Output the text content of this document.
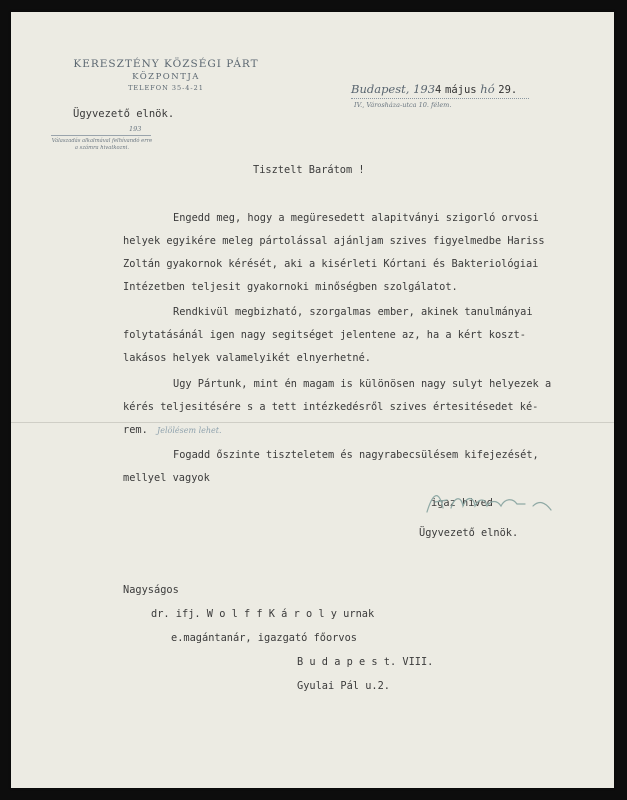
KERESZTÉNY KÖZSÉGI PÁRT
KÖZPONTJA
TELEFON 35-4-21
Ügyvezető elnök.
193
Válaszadás alkalmával felhívandó erre a számra hivatkozni.
Budapest, 1934 május hó 29.
IV., Városháza-utca 10. félem.
Tisztelt Barátom !
Engedd meg, hogy a megüresedett alapitványi szigorló orvosi
helyek egyikére meleg pártolással ajánljam szives figyelmedbe Hariss
Zoltán gyakornok kérését, aki a kisérleti Kórtani és Bakteriológiai
Intézetben teljesit gyakornoki minőségben szolgálatot.
Rendkivül megbizható, szorgalmas ember, akinek tanulmányai
folytatásánál igen nagy segitséget jelentene az, ha a kért koszt-
lakásos helyek valamelyikét elnyerhetné.
Ugy Pártunk, mint én magam is különösen nagy sulyt helyezek a
kérés teljesitésére s a tett intézkedésről szives értesitésedet ké-
rem. Jelölésem lehet.
Fogadd őszinte tiszteletem és nagyrabecsülésem kifejezését,
mellyel vagyok
igaz hived
Ügyvezető elnök.
Nagyságos
dr. ifj. W o l f f K á r o l y urnak
e.magántanár, igazgató főorvos
B u d a p e s t. VIII.
Gyulai Pál u.2.
